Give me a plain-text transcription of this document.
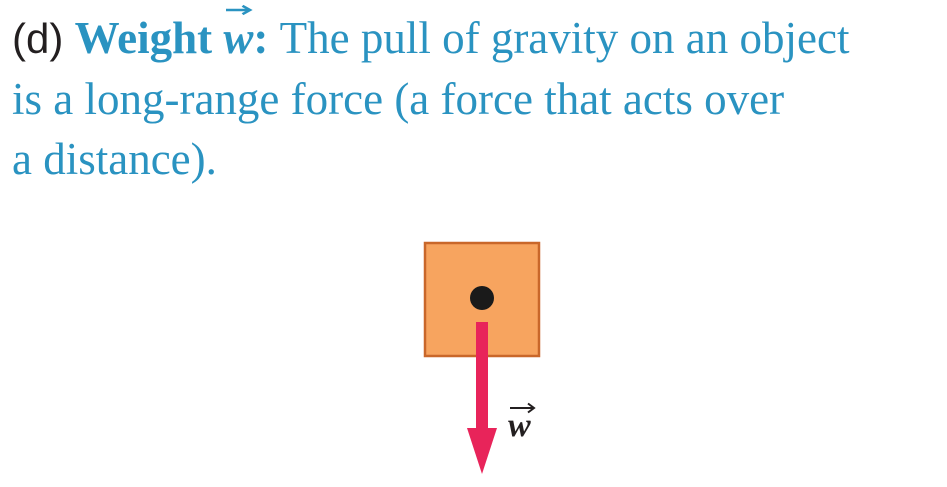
(d) Weight w: The pull of gravity on an object
is a long-range force (a force that acts over
a distance).
w
